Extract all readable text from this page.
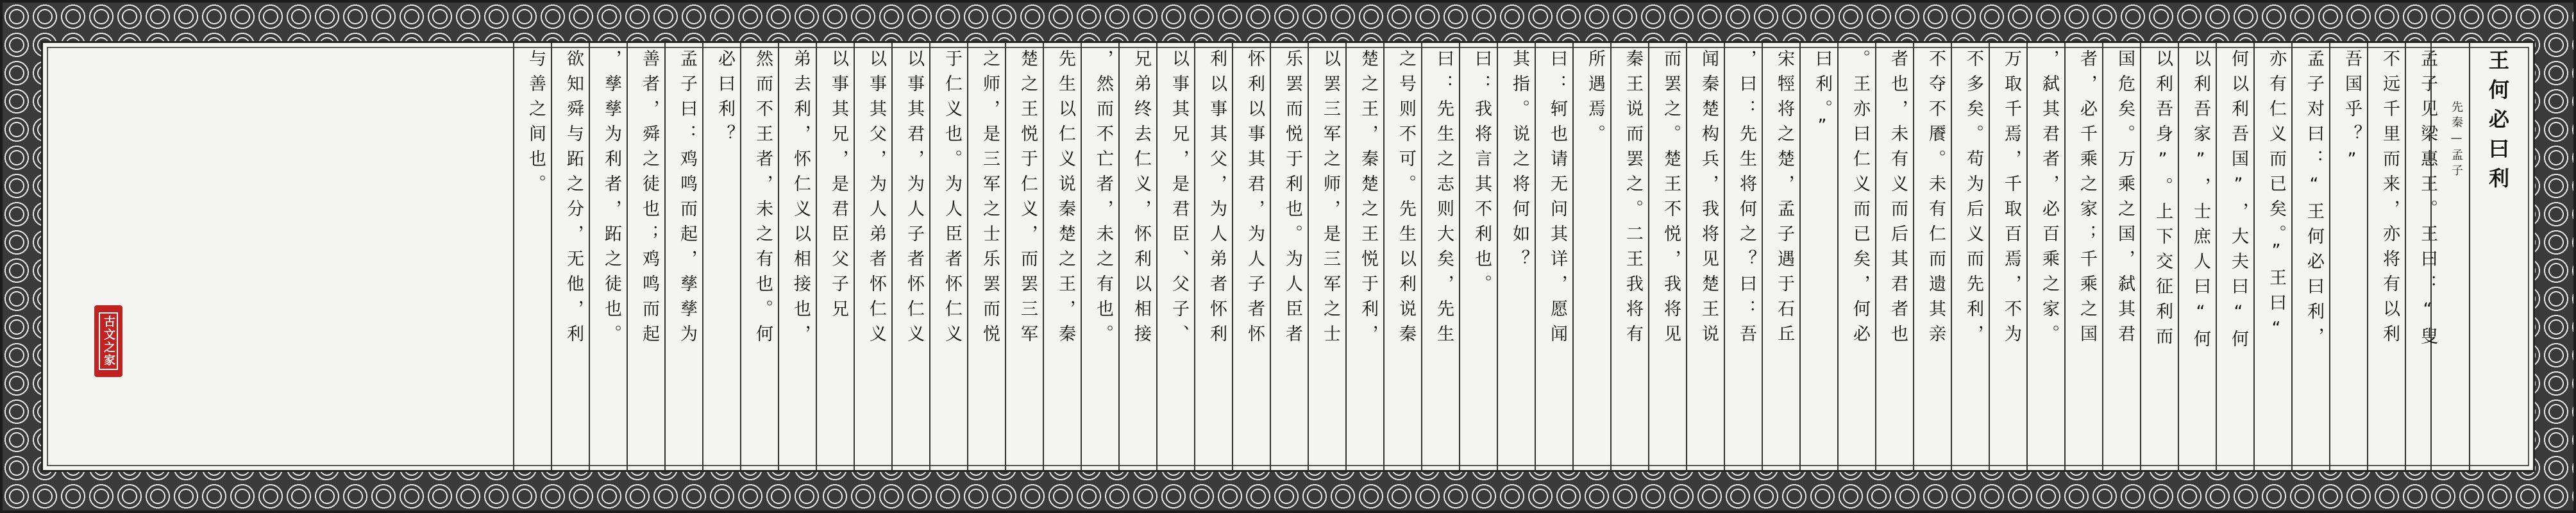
王何必曰利
先秦—孟子
孟子见梁惠王。王曰：“叟
不远千里而来，亦将有以利
吾国乎？”
孟子对曰：“王何必曰利，
亦有仁义而已矣。”王曰“
何以利吾国”，大夫曰“何
以利吾家”，士庶人曰“何
以利吾身”。上下交征利而
国危矣。万乘之国，弑其君
者，必千乘之家；千乘之国
，弑其君者，必百乘之家。
万取千焉，千取百焉，不为
不多矣。苟为后义而先利，
不夺不餍。未有仁而遗其亲
者也，未有义而后其君者也
。王亦曰仁义而已矣，何必
曰利。”
宋牼将之楚，孟子遇于石丘
，曰：先生将何之？曰：吾
闻秦楚构兵，我将见楚王说
而罢之。楚王不悦，我将见
秦王说而罢之。二王我将有
所遇焉。
曰：轲也请无问其详，愿闻
其指。说之将何如？
曰：我将言其不利也。
曰：先生之志则大矣，先生
之号则不可。先生以利说秦
楚之王，秦楚之王悦于利，
以罢三军之师，是三军之士
乐罢而悦于利也。为人臣者
怀利以事其君，为人子者怀
利以事其父，为人弟者怀利
以事其兄，是君臣、父子、
兄弟终去仁义，怀利以相接
，然而不亡者，未之有也。
先生以仁义说秦楚之王，秦
楚之王悦于仁义，而罢三军
之师，是三军之士乐罢而悦
于仁义也。为人臣者怀仁义
以事其君，为人子者怀仁义
以事其父，为人弟者怀仁义
以事其兄，是君臣父子兄
弟去利，怀仁义以相接也，
然而不王者，未之有也。何
必曰利？
孟子曰：鸡鸣而起，孳孳为
善者，舜之徒也；鸡鸣而起
，孳孳为利者，跖之徒也。
欲知舜与跖之分，无他，利
与善之间也。
古文之家
